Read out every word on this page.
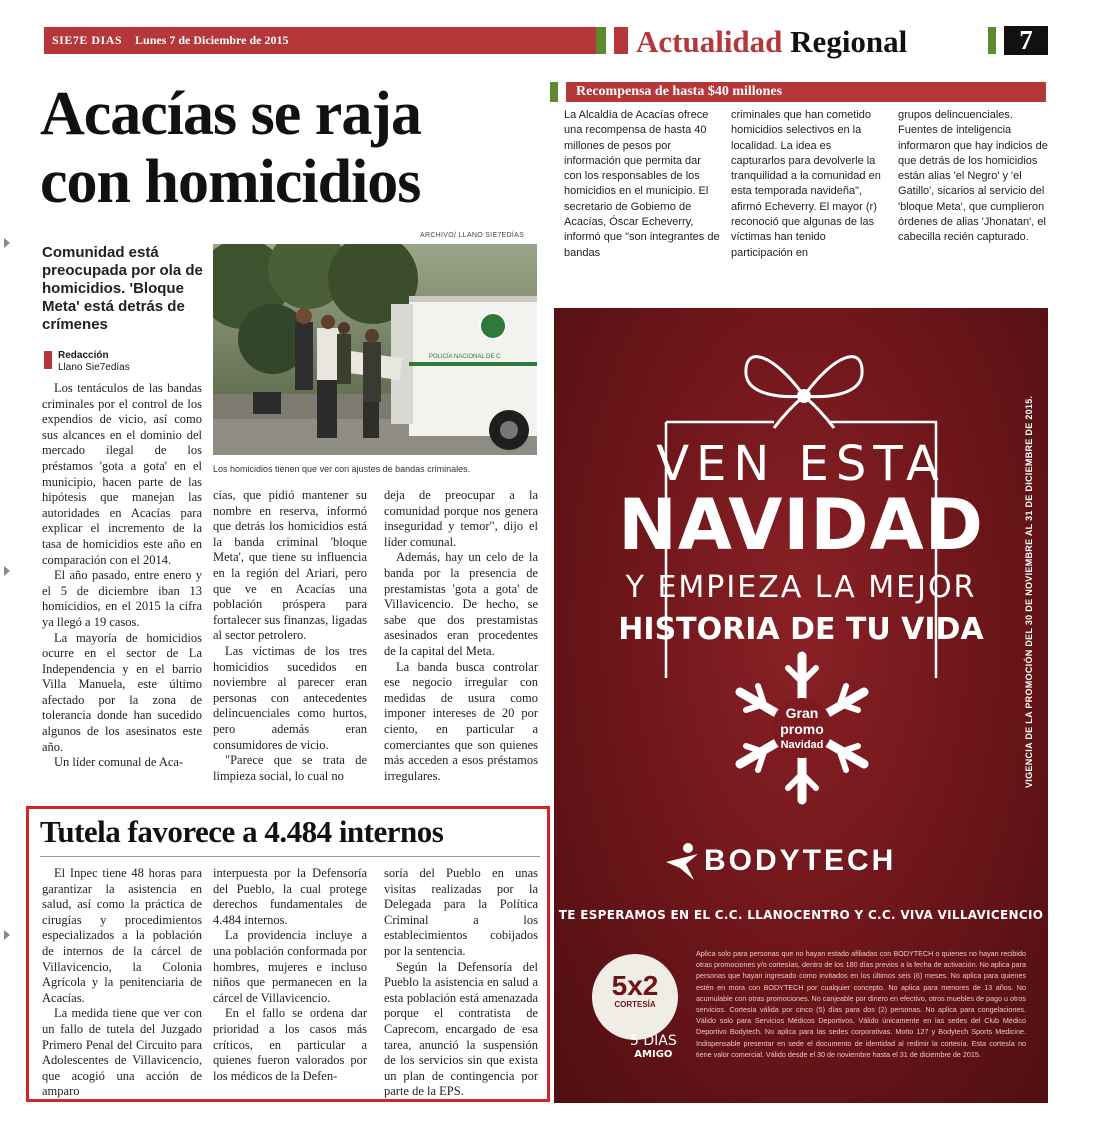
SIE7E DIAS Lunes 7 de Diciembre de 2015	Actualidad Regional	7
Acacías se raja
con homicidios
Comunidad está preocupada por ola de homicidios. 'Bloque Meta' está detrás de crímenes
Redacción
Llano Sie7edías
ARCHIVO/ LLANO SIE7EDÍAS
POLICÍA NACIONAL DE C
Los homicidios tienen que ver con ajustes de bandas criminales.

Los tentáculos de las bandas criminales por el control de los expendios de vicio, así como sus alcances en el dominio del mercado ilegal de los préstamos 'gota a gota' en el municipio, hacen parte de las hipótesis que manejan las autoridades en Acacías para explicar el incremento de la tasa de homicidios este año en comparación con el 2014.

El año pasado, entre enero y el 5 de diciembre iban 13 homicidios, en el 2015 la cifra ya llegó a 19 casos.

La mayoría de homicidios ocurre en el sector de La Independencia y en el barrio Villa Manuela, este último afectado por la zona de tolerancia donde han sucedido algunos de los asesinatos este año.

Un líder comunal de Aca-

cías, que pidió mantener su nombre en reserva, informó que detrás los homicidios está la banda criminal 'bloque Meta', que tiene su influencia en la región del Ariari, pero que ve en Acacías una población próspera para fortalecer sus finanzas, ligadas al sector petrolero.

Las víctimas de los tres homicidios sucedidos en noviembre al parecer eran personas con antecedentes delincuenciales como hurtos, pero además eran consumidores de vicio.

"Parece que se trata de limpieza social, lo cual no

deja de preocupar a la comunidad porque nos genera inseguridad y temor", dijo el líder comunal.

Además, hay un celo de la banda por la presencia de prestamistas 'gota a gota' de Villavicencio. De hecho, se sabe que dos prestamistas asesinados eran procedentes de la capital del Meta.

La banda busca controlar ese negocio irregular con medidas de usura como imponer intereses de 20 por ciento, en particular a comerciantes que son quienes más acceden a esos préstamos irregulares.

Recompensa de hasta $40 millones
La Alcaldía de Acacías ofrece una recompensa de hasta 40 millones de pesos por información que permita dar con los responsables de los homicidios en el municipio. El secretario de Gobierno de Acacías, Óscar Echeverry, informó que "son integrantes de bandas
criminales que han cometido homicidios selectivos en la localidad. La idea es capturarlos para devolverle la tranquilidad a la comunidad en esta temporada navideña", afirmó Echeverry. El mayor (r) reconoció que algunas de las víctimas han tenido participación en
grupos delincuenciales. Fuentes de inteligencia informaron que hay indicios de que detrás de los homicidios están alias 'el Negro' y 'el Gatillo', sicarios al servicio del 'bloque Meta', que cumplieron órdenes de alias 'Jhonatan', el cabecilla recién capturado.
VEN ESTA
NAVIDAD
Y EMPIEZA LA MEJOR
HISTORIA DE TU VIDA
Gran
promo
Navidad
BODYTECH
TE ESPERAMOS EN EL C.C. LLANOCENTRO Y C.C. VIVA VILLAVICENCIO
VIGENCIA DE LA PROMOCIÓN DEL 30 DE NOVIEMBRE AL 31 DE DICIEMBRE DE 2015.
5x2
CORTESÍA
5 DÍAS
AMIGO
Aplica solo para personas que no hayan estado afiliadas con BODYTECH o quienes no hayan recibido otras promociones y/o cortesías, dentro de los 180 días previos a la fecha de activación. No aplica para personas que hayan ingresado como invitados en los últimos seis (6) meses. No aplica para quienes estén en mora con BODYTECH por cualquier concepto. No aplica para menores de 13 años. No acumulable con otras promociones. No canjeable por dinero en efectivo, otros muebles de pago u otros servicios. Cortesía válida por cinco (5) días para dos (2) personas. No aplica para congelaciones. Válido solo para Servicios Médicos Deportivos. Válido únicamente en las sedes del Club Médico Deportivo Bodytech. No aplica para las sedes corporativas. Motto 127 y Bodytech Sports Medicine. Indispensable presentar en sede el documento de identidad al redimir la cortesía. Esta cortesía no tiene valor comercial. Válido desde el 30 de noviembre hasta el 31 de diciembre de 2015.
Tutela favorece a 4.484 internos

El Inpec tiene 48 horas para garantizar la asistencia en salud, así como la práctica de cirugías y procedimientos especializados a la población de internos de la cárcel de Villavicencio, la Colonia Agrícola y la penitenciaria de Acacías.

La medida tiene que ver con un fallo de tutela del Juzgado Primero Penal del Circuito para Adolescentes de Villavicencio, que acogió una acción de amparo

interpuesta por la Defensoría del Pueblo, la cual protege derechos fundamentales de 4.484 internos.

La providencia incluye a una población conformada por hombres, mujeres e incluso niños que permanecen en la cárcel de Villavicencio.

En el fallo se ordena dar prioridad a los casos más críticos, en particular a quienes fueron valorados por los médicos de la Defen-

soría del Pueblo en unas visitas realizadas por la Delegada para la Política Criminal a los establecimientos cobijados por la sentencia.

Según la Defensoría del Pueblo la asistencia en salud a esta población está amenazada porque el contratista de Caprecom, encargado de esa tarea, anunció la suspensión de los servicios sin que exista un plan de contingencia por parte de la EPS.
